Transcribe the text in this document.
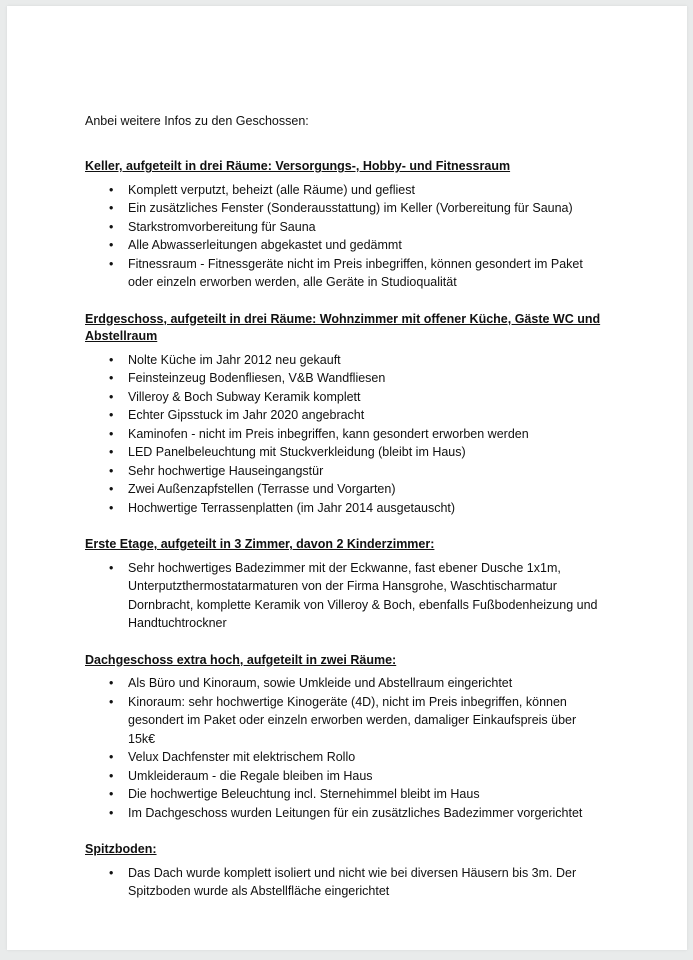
Anbei weitere Infos zu den Geschossen:

Keller, aufgeteilt in drei Räume: Versorgungs-, Hobby- und Fitnessraum
• Komplett verputzt, beheizt (alle Räume) und gefliest
• Ein zusätzliches Fenster (Sonderausstattung) im Keller (Vorbereitung für Sauna)
• Starkstromvorbereitung für Sauna
• Alle Abwasserleitungen abgekastet und gedämmt
• Fitnessraum - Fitnessgeräte nicht im Preis inbegriffen, können gesondert im Paket oder einzeln erworben werden, alle Geräte in Studioqualität
Erdgeschoss, aufgeteilt in drei Räume: Wohnzimmer mit offener Küche, Gäste WC und Abstellraum
• Nolte Küche im Jahr 2012 neu gekauft
• Feinsteinzeug Bodenfliesen, V&B Wandfliesen
• Villeroy & Boch Subway Keramik komplett
• Echter Gipsstuck im Jahr 2020 angebracht
• Kaminofen - nicht im Preis inbegriffen, kann gesondert erworben werden
• LED Panelbeleuchtung mit Stuckverkleidung (bleibt im Haus)
• Sehr hochwertige Hauseingangstür
• Zwei Außenzapfstellen (Terrasse und Vorgarten)
• Hochwertige Terrassenplatten (im Jahr 2014 ausgetauscht)
Erste Etage, aufgeteilt in 3 Zimmer, davon 2 Kinderzimmer:
• Sehr hochwertiges Badezimmer mit der Eckwanne, fast ebener Dusche 1x1m, Unterputzthermostatarmaturen von der Firma Hansgrohe, Waschtischarmatur Dornbracht, komplette Keramik von Villeroy & Boch, ebenfalls Fußbodenheizung und Handtuchtrockner
Dachgeschoss extra hoch, aufgeteilt in zwei Räume:
• Als Büro und Kinoraum, sowie Umkleide und Abstellraum eingerichtet
• Kinoraum: sehr hochwertige Kinogeräte (4D), nicht im Preis inbegriffen, können gesondert im Paket oder einzeln erworben werden, damaliger Einkaufspreis über 15k€
• Velux Dachfenster mit elektrischem Rollo
• Umkleideraum - die Regale bleiben im Haus
• Die hochwertige Beleuchtung incl. Sternehimmel bleibt im Haus
• Im Dachgeschoss wurden Leitungen für ein zusätzliches Badezimmer vorgerichtet
Spitzboden:
• Das Dach wurde komplett isoliert und nicht wie bei diversen Häusern bis 3m. Der Spitzboden wurde als Abstellfläche eingerichtet
